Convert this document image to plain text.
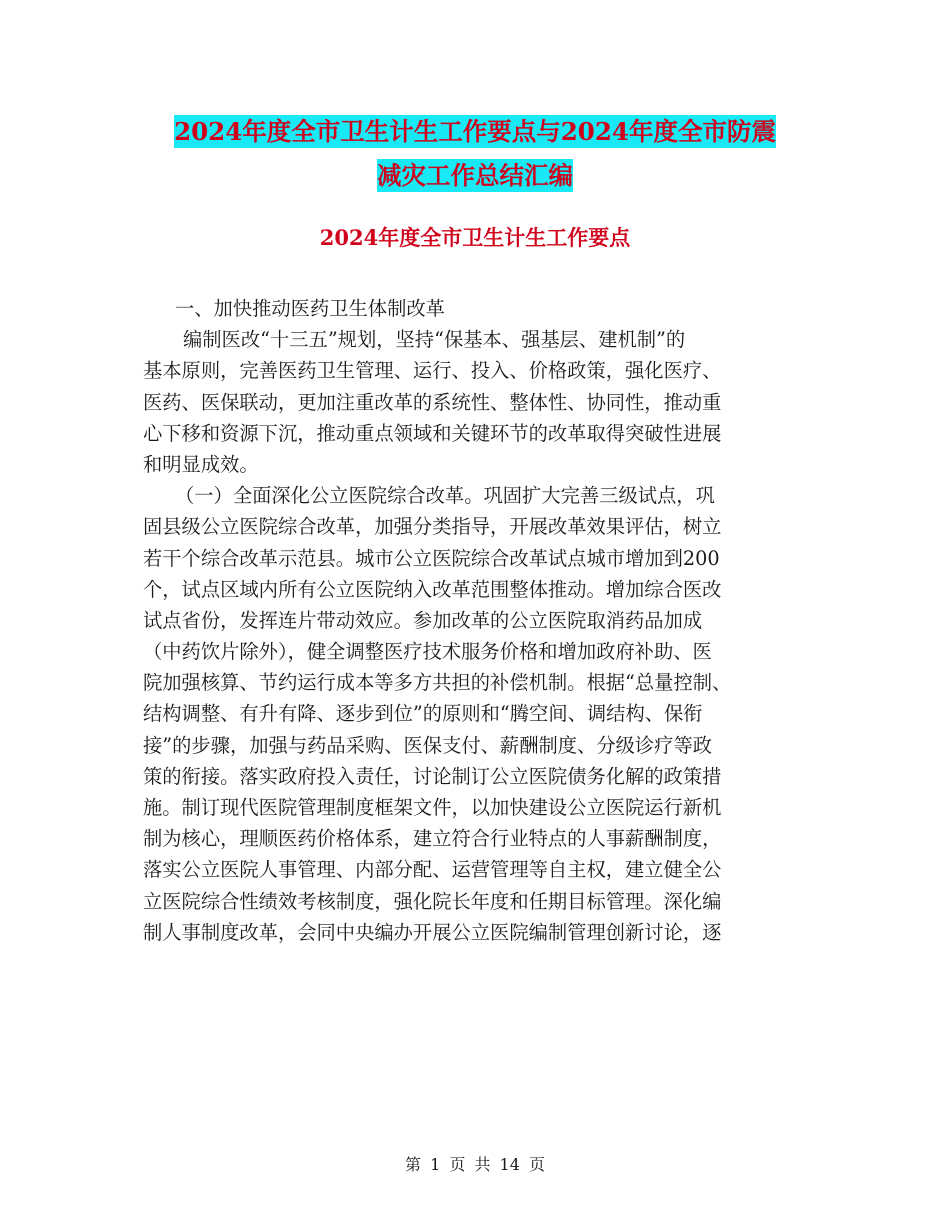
2024年度全市卫生计生工作要点与2024年度全市防震
减灾工作总结汇编
2024年度全市卫生计生工作要点
一、加快推动医药卫生体制改革
编制医改“十三五”规划，坚持“保基本、强基层、建机制”的
基本原则，完善医药卫生管理、运行、投入、价格政策，强化医疗、
医药、医保联动，更加注重改革的系统性、整体性、协同性，推动重
心下移和资源下沉，推动重点领域和关键环节的改革取得突破性进展
和明显成效。
（一）全面深化公立医院综合改革。巩固扩大完善三级试点，巩
固县级公立医院综合改革，加强分类指导，开展改革效果评估，树立
若干个综合改革示范县。城市公立医院综合改革试点城市增加到200
个，试点区域内所有公立医院纳入改革范围整体推动。增加综合医改
试点省份，发挥连片带动效应。参加改革的公立医院取消药品加成
（中药饮片除外），健全调整医疗技术服务价格和增加政府补助、医
院加强核算、节约运行成本等多方共担的补偿机制。根据“总量控制、
结构调整、有升有降、逐步到位”的原则和“腾空间、调结构、保衔
接”的步骤，加强与药品采购、医保支付、薪酬制度、分级诊疗等政
策的衔接。落实政府投入责任，讨论制订公立医院债务化解的政策措
施。制订现代医院管理制度框架文件，以加快建设公立医院运行新机
制为核心，理顺医药价格体系，建立符合行业特点的人事薪酬制度，
落实公立医院人事管理、内部分配、运营管理等自主权，建立健全公
立医院综合性绩效考核制度，强化院长年度和任期目标管理。深化编
制人事制度改革，会同中央编办开展公立医院编制管理创新讨论，逐
第 1 页 共 14 页
